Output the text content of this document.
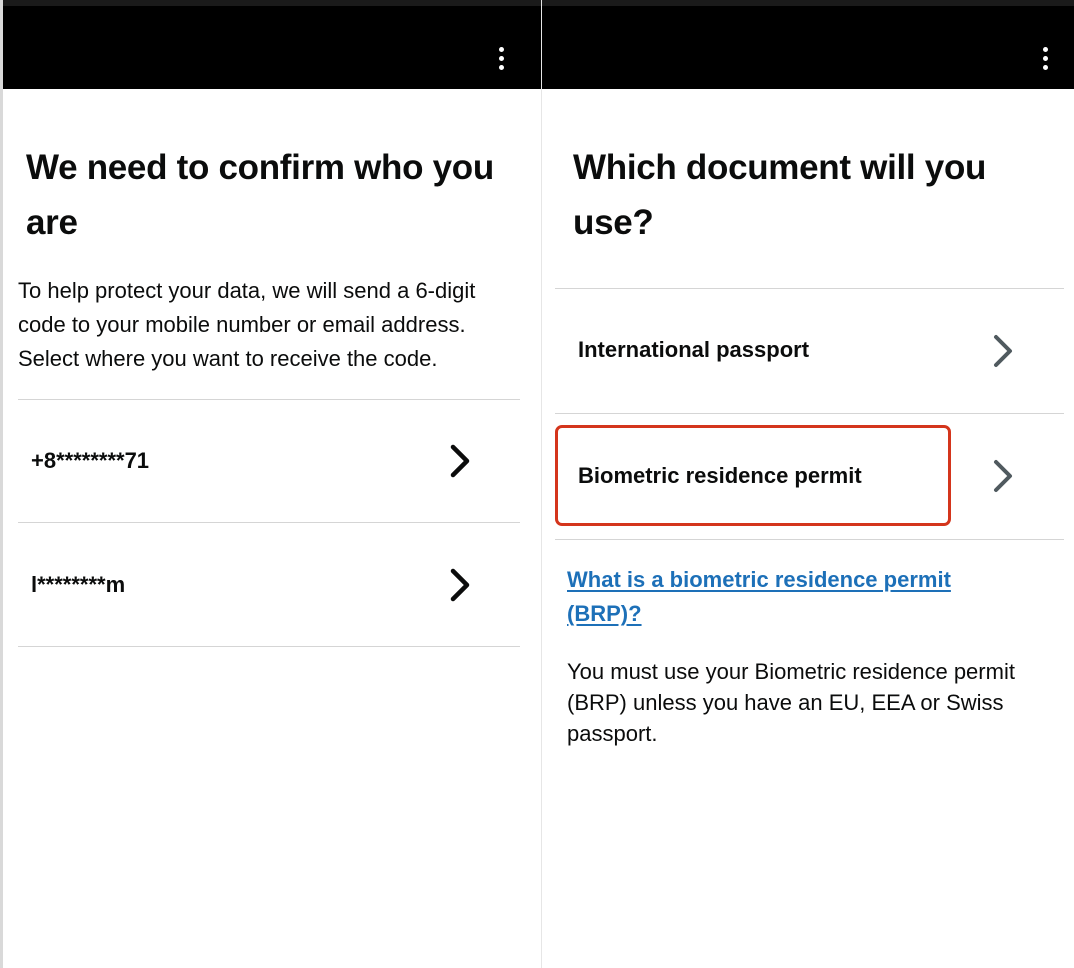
We need to confirm who you are

To help protect your data, we will send a 6-digit code to your mobile number or email address. Select where you want to receive the code.

+8********71
l********m
Which document will you use?
International passport
Biometric residence permit

What is a biometric residence permit (BRP)?

You must use your Biometric residence permit (BRP) unless you have an EU, EEA or Swiss passport.
